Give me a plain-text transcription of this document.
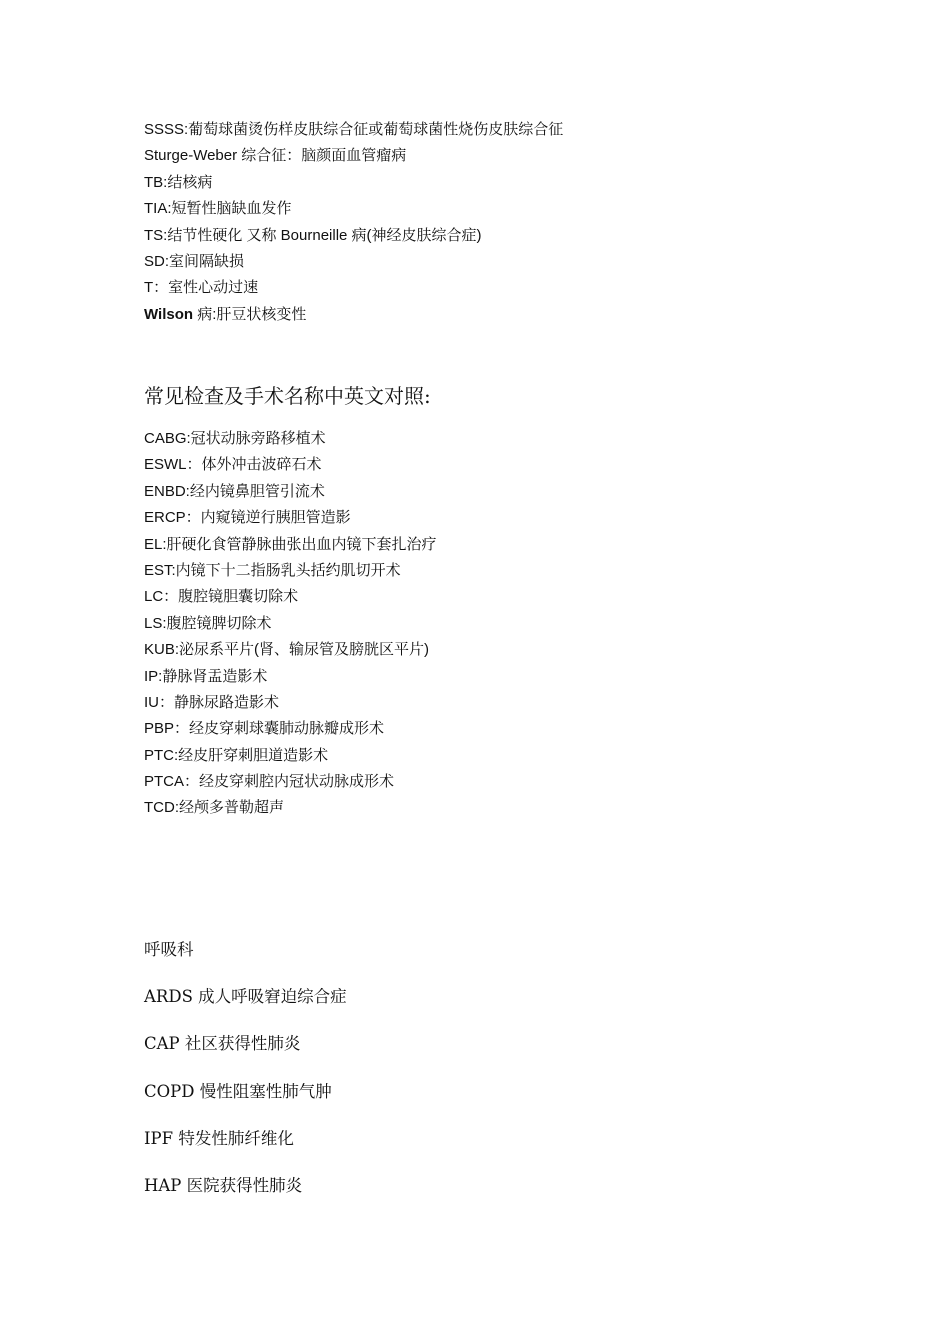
SSSS:葡萄球菌烫伤样皮肤综合征或葡萄球菌性烧伤皮肤综合征
Sturge-Weber 综合征：脑颜面血管瘤病
TB:结核病
TIA:短暂性脑缺血发作
TS:结节性硬化 又称 Bourneille 病(神经皮肤综合症)
SD:室间隔缺损
T：室性心动过速
Wilson 病:肝豆状核变性
常见检查及手术名称中英文对照:
CABG:冠状动脉旁路移植术
ESWL：体外冲击波碎石术
ENBD:经内镜鼻胆管引流术
ERCP：内窥镜逆行胰胆管造影
EL:肝硬化食管静脉曲张出血内镜下套扎治疗
EST:内镜下十二指肠乳头括约肌切开术
LC：腹腔镜胆囊切除术
LS:腹腔镜脾切除术
KUB:泌尿系平片(肾、输尿管及膀胱区平片)
IP:静脉肾盂造影术
IU：静脉尿路造影术
PBP：经皮穿刺球囊肺动脉瓣成形术
PTC:经皮肝穿刺胆道造影术
PTCA：经皮穿刺腔内冠状动脉成形术
TCD:经颅多普勒超声
呼吸科
ARDS 成人呼吸窘迫综合症
CAP 社区获得性肺炎
COPD 慢性阻塞性肺气肿
IPF 特发性肺纤维化
HAP 医院获得性肺炎
